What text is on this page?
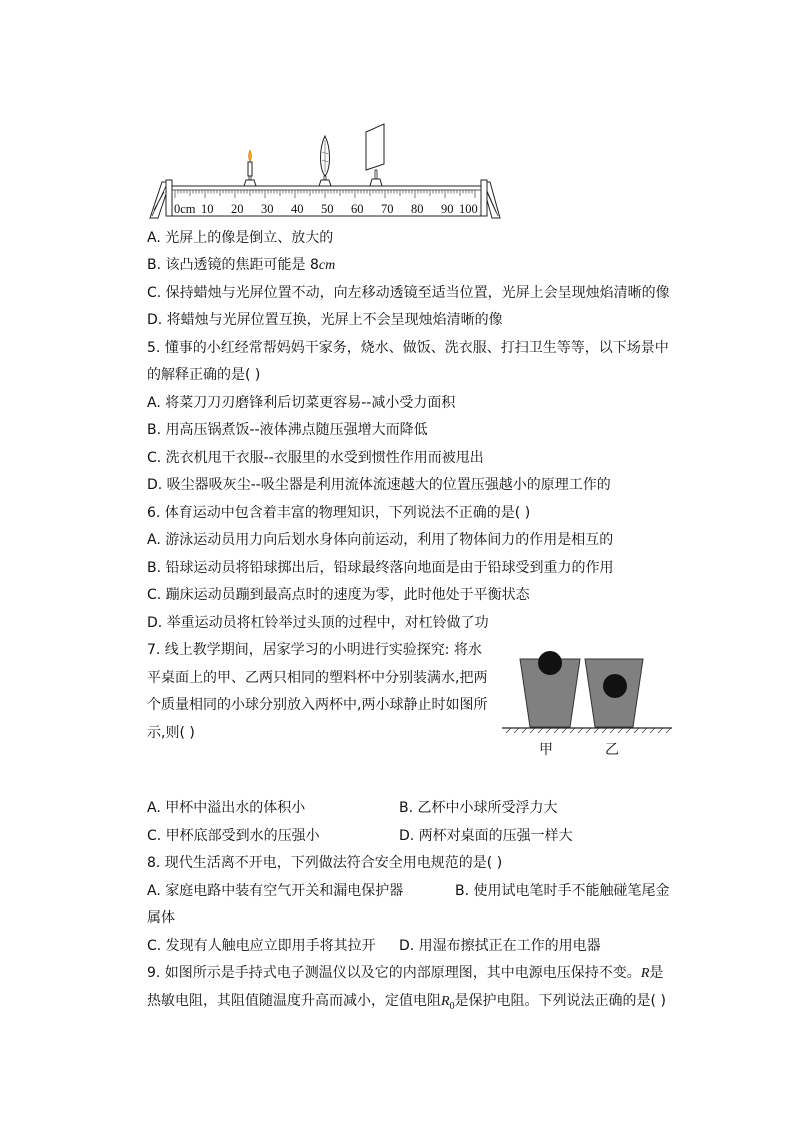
0cm 10 20 30 40 50 60 70 80 90 100
A. 光屏上的像是倒立、放大的
B. 该凸透镜的焦距可能是 8cm
C. 保持蜡烛与光屏位置不动，向左移动透镜至适当位置，光屏上会呈现烛焰清晰的像
D. 将蜡烛与光屏位置互换，光屏上不会呈现烛焰清晰的像
5. 懂事的小红经常帮妈妈干家务，烧水、做饭、洗衣服、打扫卫生等等，以下场景中
的解释正确的是( )
A. 将菜刀刀刃磨锋利后切菜更容易--减小受力面积
B. 用高压锅煮饭--液体沸点随压强增大而降低
C. 洗衣机甩干衣服--衣服里的水受到惯性作用而被甩出
D. 吸尘器吸灰尘--吸尘器是利用流体流速越大的位置压强越小的原理工作的
6. 体育运动中包含着丰富的物理知识，下列说法不正确的是( )
A. 游泳运动员用力向后划水身体向前运动，利用了物体间力的作用是相互的
B. 铅球运动员将铅球掷出后，铅球最终落向地面是由于铅球受到重力的作用
C. 蹦床运动员蹦到最高点时的速度为零，此时他处于平衡状态
D. 举重运动员将杠铃举过头顶的过程中，对杠铃做了功
7. 线上教学期间，居家学习的小明进行实验探究: 将水
平桌面上的甲、乙两只相同的塑料杯中分别装满水,把两
个质量相同的小球分别放入两杯中,两小球静止时如图所
示,则( )
甲	乙
A. 甲杯中溢出水的体积小	B. 乙杯中小球所受浮力大
C. 甲杯底部受到水的压强小	D. 两杯对桌面的压强一样大
8. 现代生活离不开电，下列做法符合安全用电规范的是( )
A. 家庭电路中装有空气开关和漏电保护器	B. 使用试电笔时手不能触碰笔尾金
属体
C. 发现有人触电应立即用手将其拉开 D. 用湿布擦拭正在工作的用电器
9. 如图所示是手持式电子测温仪以及它的内部原理图，其中电源电压保持不变。R是
热敏电阻，其阻值随温度升高而减小，定值电阻$R_0$是保护电阻。下列说法正确的是( )
